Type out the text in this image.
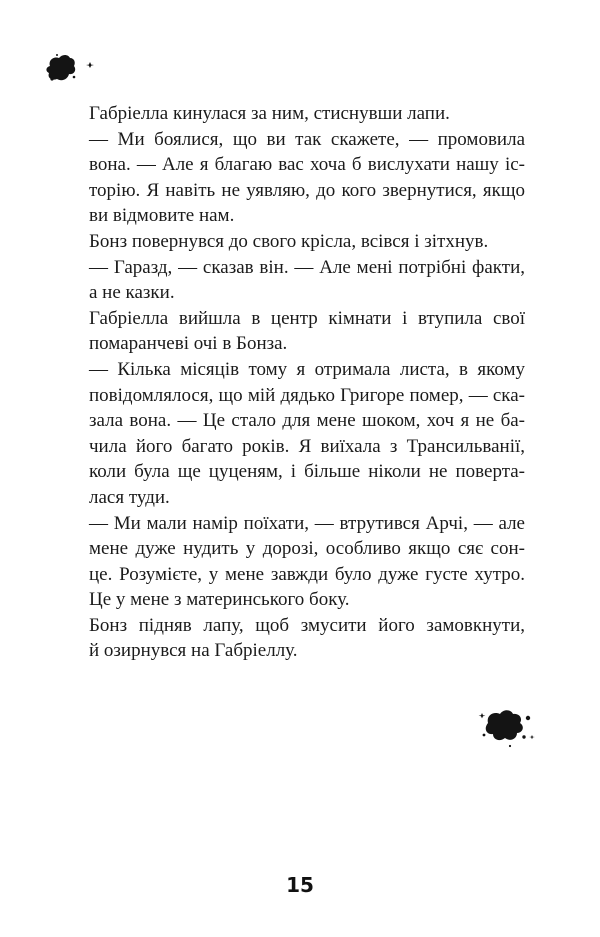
Габріелла кинулася за ним, стиснувши лапи.

— Ми боялися, що ви так скажете, — промовила
вона. — Але я благаю вас хоча б вислухати нашу іс-
торію. Я навіть не уявляю, до кого звернутися, якщо
ви відмовите нам.

Бонз повернувся до свого крісла, всівся і зітхнув.

— Гаразд, — сказав він. — Але мені потрібні факти,
а не казки.

Габріелла вийшла в центр кімнати і втупила свої
помаранчеві очі в Бонза.

— Кілька місяців тому я отримала листа, в якому
повідомлялося, що мій дядько Григоре помер, — ска-
зала вона. — Це стало для мене шоком, хоч я не ба-
чила його багато років. Я виїхала з Трансильванії,
коли була ще цуценям, і більше ніколи не поверта-
лася туди.

— Ми мали намір поїхати, — втрутився Арчі, — але
мене дуже нудить у дорозі, особливо якщо сяє сон-
це. Розумієте, у мене завжди було дуже густе хутро.
Це у мене з материнського боку.

Бонз підняв лапу, щоб змусити його замовкнути,
й озирнувся на Габріеллу.

15
